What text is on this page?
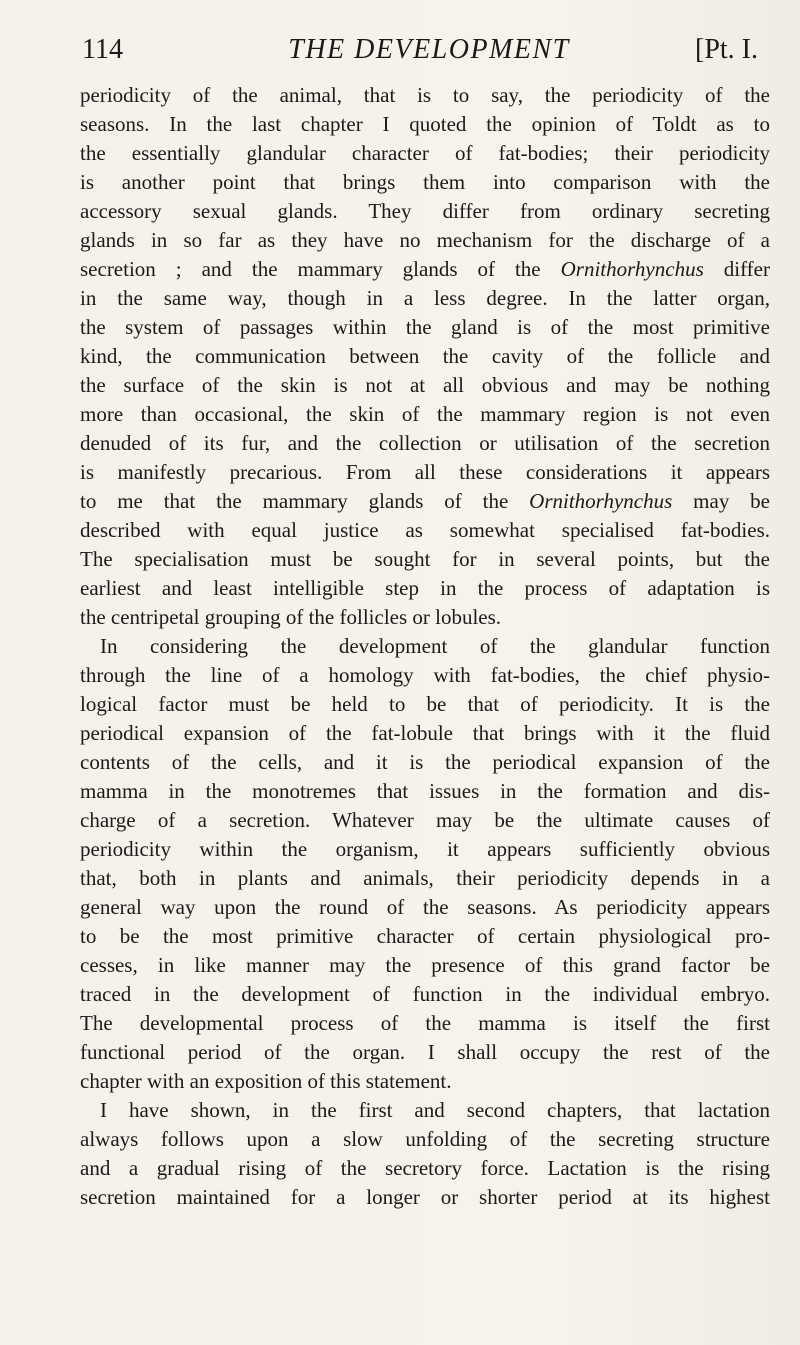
114	THE DEVELOPMENT	[Pt. I.
periodicity of the animal, that is to say, the periodicity of the
seasons. In the last chapter I quoted the opinion of Toldt as to
the essentially glandular character of fat-bodies; their periodicity
is another point that brings them into comparison with the
accessory sexual glands. They differ from ordinary secreting
glands in so far as they have no mechanism for the discharge of a
secretion ; and the mammary glands of the Ornithorhynchus differ
in the same way, though in a less degree. In the latter organ,
the system of passages within the gland is of the most primitive
kind, the communication between the cavity of the follicle and
the surface of the skin is not at all obvious and may be nothing
more than occasional, the skin of the mammary region is not even
denuded of its fur, and the collection or utilisation of the secretion
is manifestly precarious. From all these considerations it appears
to me that the mammary glands of the Ornithorhynchus may be
described with equal justice as somewhat specialised fat-bodies.
The specialisation must be sought for in several points, but the
earliest and least intelligible step in the process of adaptation is
the centripetal grouping of the follicles or lobules.
In considering the development of the glandular function
through the line of a homology with fat-bodies, the chief physio-
logical factor must be held to be that of periodicity. It is the
periodical expansion of the fat-lobule that brings with it the fluid
contents of the cells, and it is the periodical expansion of the
mamma in the monotremes that issues in the formation and dis-
charge of a secretion. Whatever may be the ultimate causes of
periodicity within the organism, it appears sufficiently obvious
that, both in plants and animals, their periodicity depends in a
general way upon the round of the seasons. As periodicity appears
to be the most primitive character of certain physiological pro-
cesses, in like manner may the presence of this grand factor be
traced in the development of function in the individual embryo.
The developmental process of the mamma is itself the first
functional period of the organ. I shall occupy the rest of the
chapter with an exposition of this statement.
I have shown, in the first and second chapters, that lactation
always follows upon a slow unfolding of the secreting structure
and a gradual rising of the secretory force. Lactation is the rising
secretion maintained for a longer or shorter period at its highest
